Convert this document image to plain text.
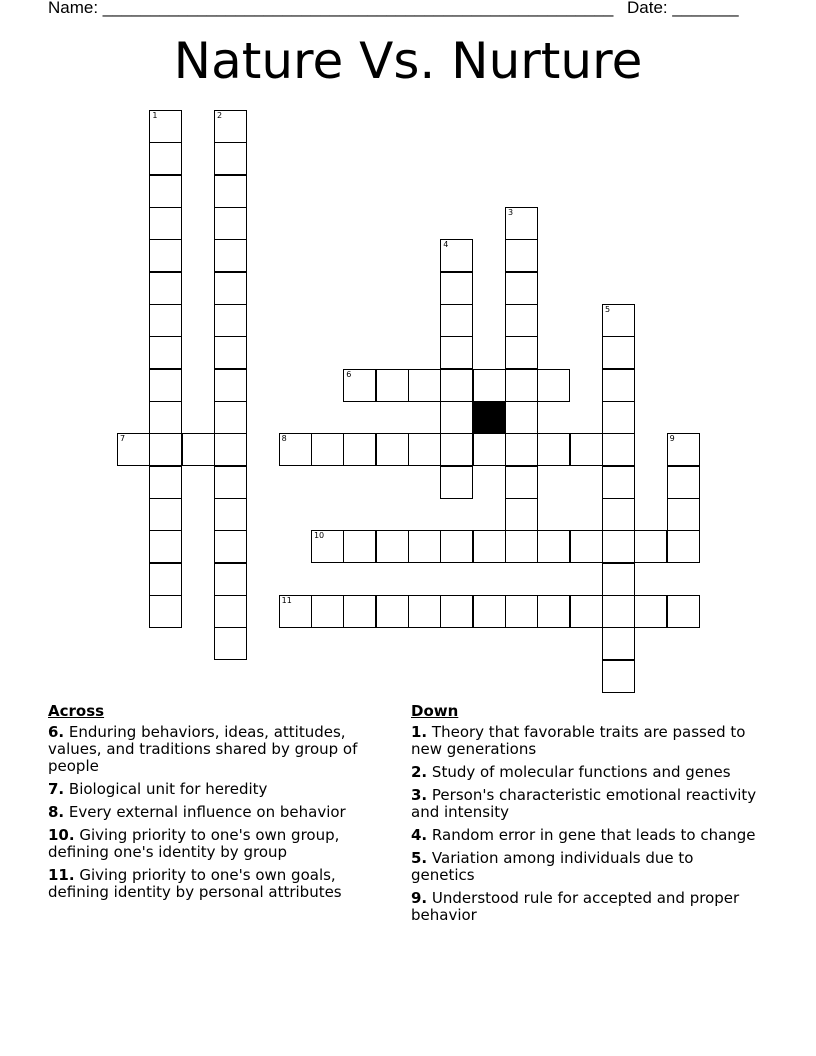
Name: ______________________________________________________ Date: _______
Nature Vs. Nurture
1	2
3
4
5
6
7	8	9
10
11
Across
6. Enduring behaviors, ideas, attitudes, values, and traditions shared by group of people
7. Biological unit for heredity
8. Every external influence on behavior
10. Giving priority to one's own group, defining one's identity by group
11. Giving priority to one's own goals, defining identity by personal attributes
Down
1. Theory that favorable traits are passed to new generations
2. Study of molecular functions and genes
3. Person's characteristic emotional reactivity and intensity
4. Random error in gene that leads to change
5. Variation among individuals due to genetics
9. Understood rule for accepted and proper behavior
